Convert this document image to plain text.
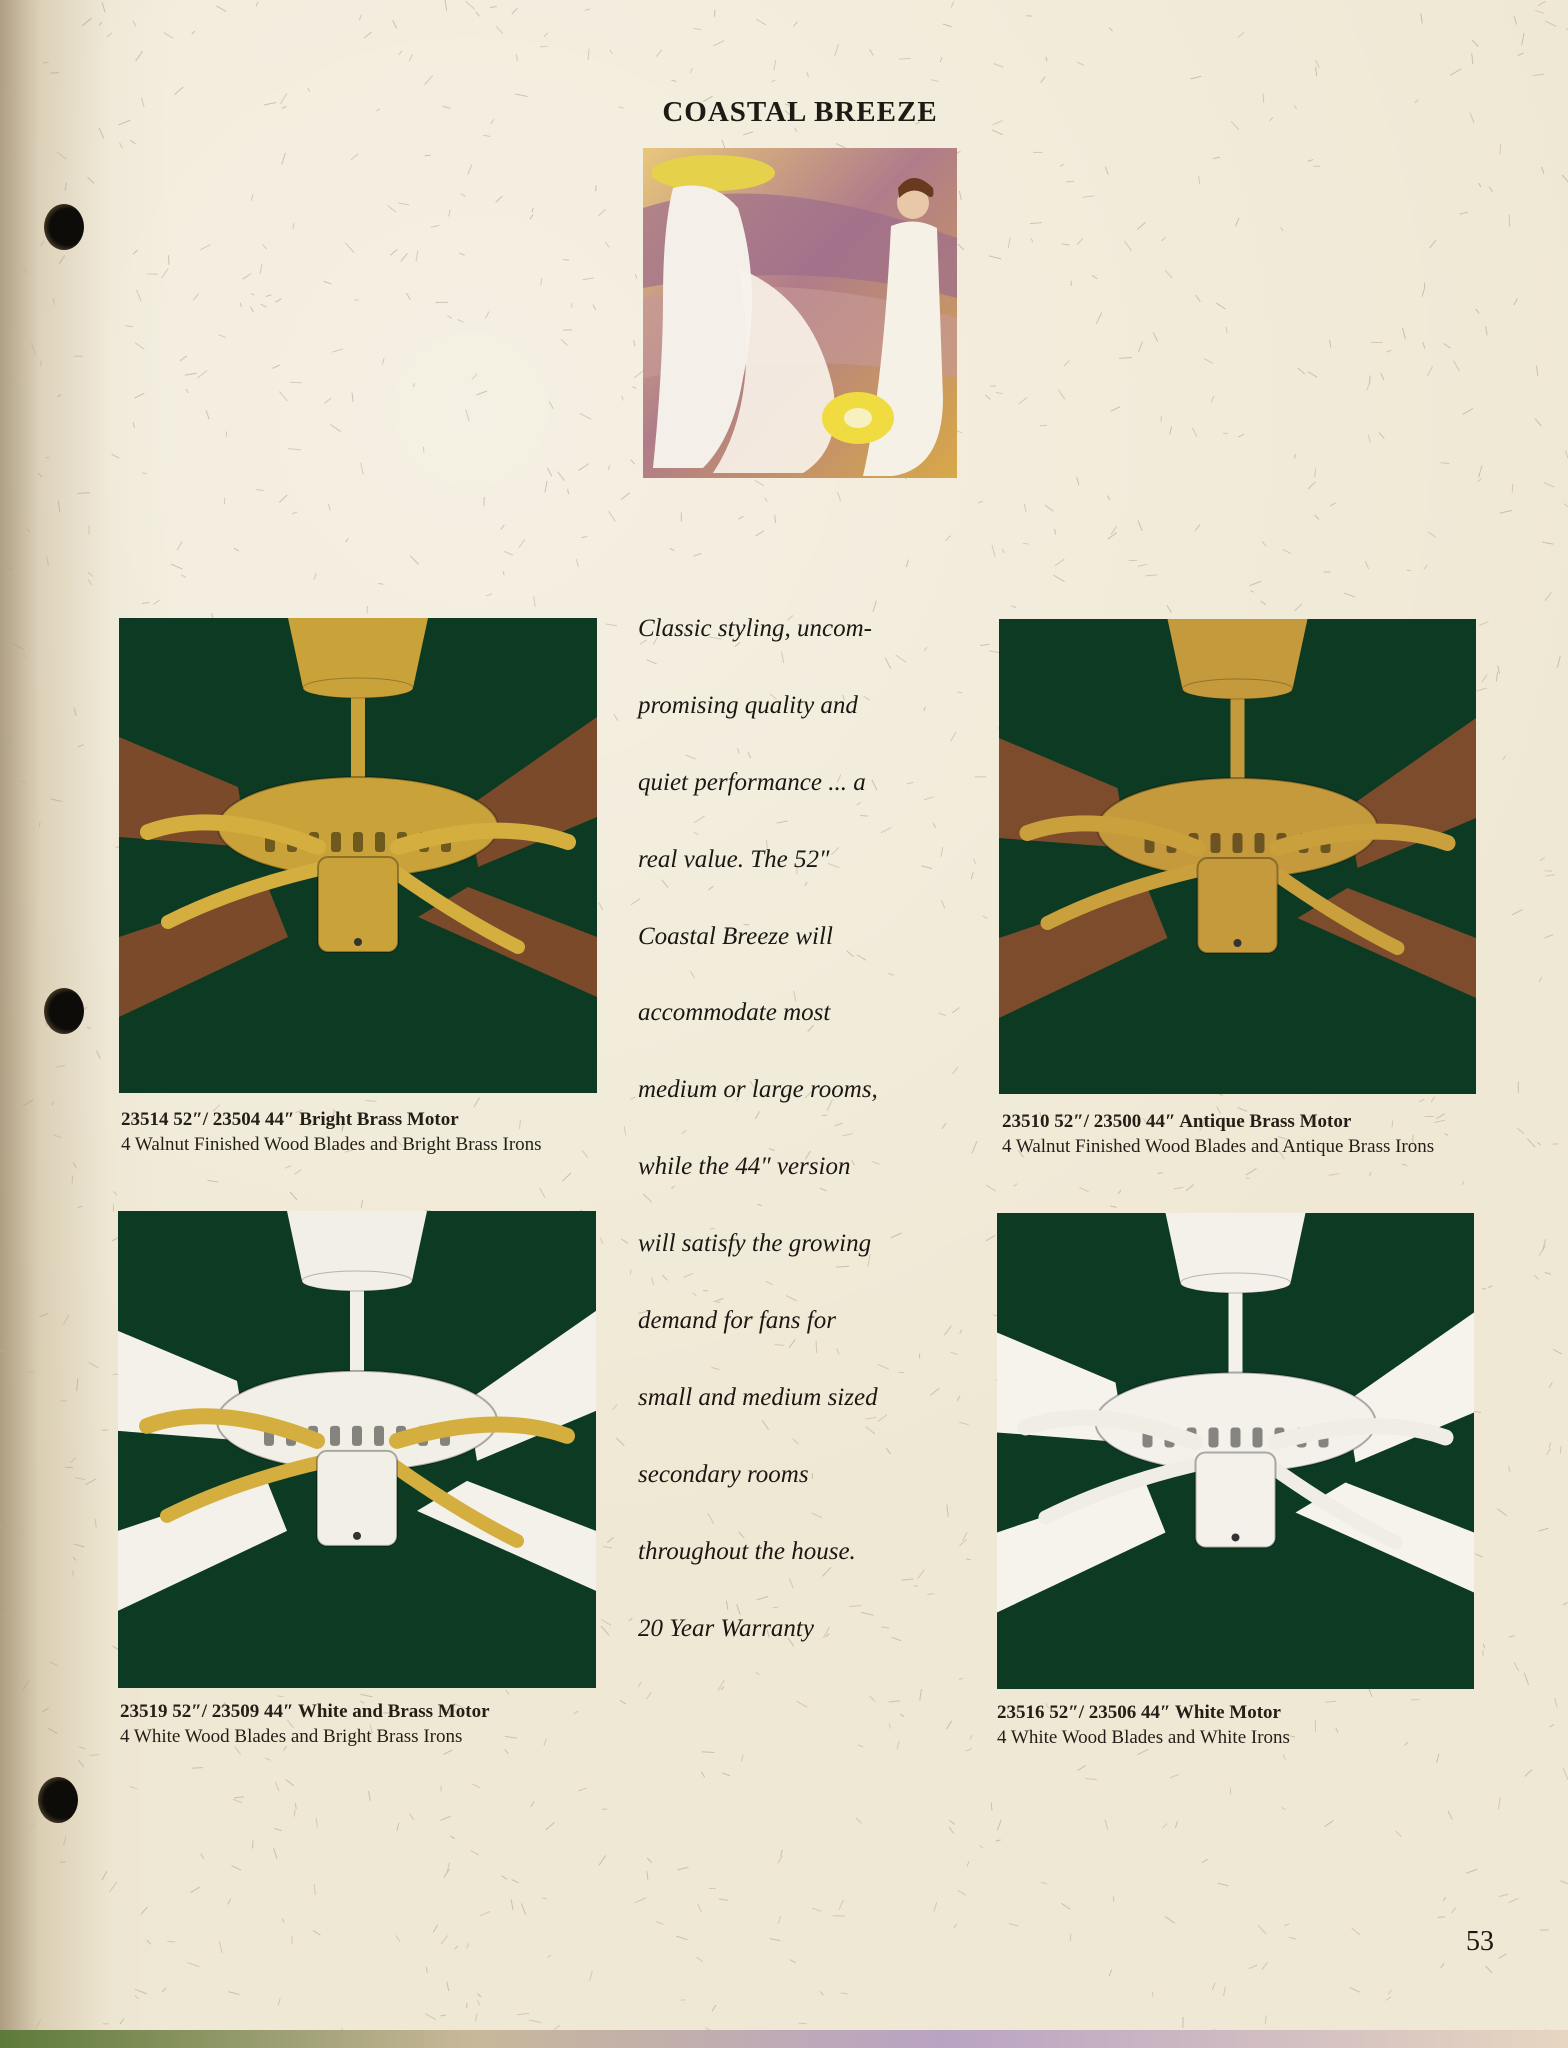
COASTAL BREEZE
23514 52″/ 23504 44″ Bright Brass Motor
4 Walnut Finished Wood Blades and Bright Brass Irons
23510 52″/ 23500 44″ Antique Brass Motor
4 Walnut Finished Wood Blades and Antique Brass Irons
23519 52″/ 23509 44″ White and Brass Motor
4 White Wood Blades and Bright Brass Irons
23516 52″/ 23506 44″ White Motor
4 White Wood Blades and White Irons
Classic styling, uncom-
promising quality and
quiet performance ... a
real value. The 52″
Coastal Breeze will
accommodate most
medium or large rooms,
while the 44″ version
will satisfy the growing
demand for fans for
small and medium sized
secondary rooms
throughout the house.
20 Year Warranty
53
